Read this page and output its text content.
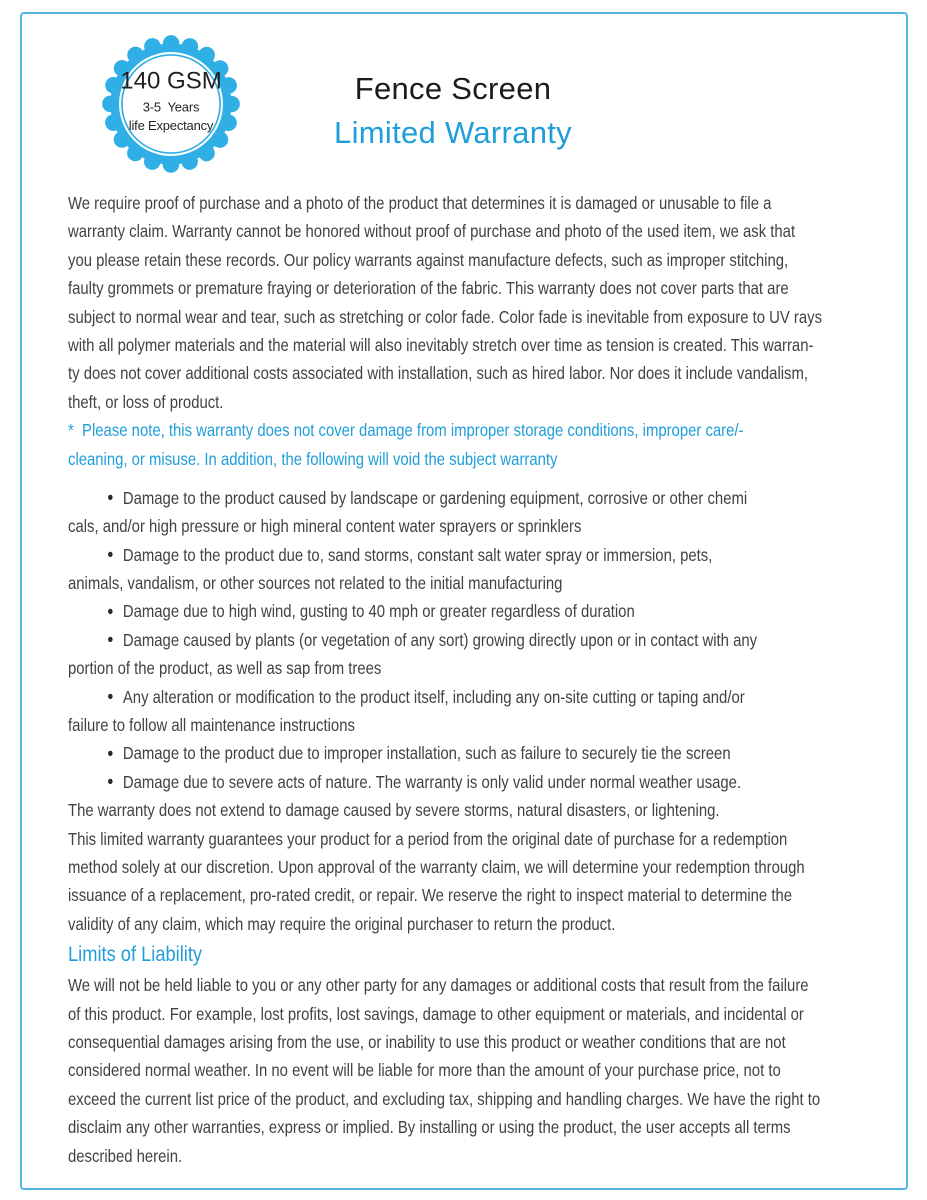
140 GSM
3-5  Years
life Expectancy
Fence Screen
Limited Warranty
We require proof of purchase and a photo of the product that determines it is damaged or unusable to file a
warranty claim. Warranty cannot be honored without proof of purchase and photo of the used item, we ask that
you please retain these records. Our policy warrants against manufacture defects, such as improper stitching,
faulty grommets or premature fraying or deterioration of the fabric. This warranty does not cover parts that are
subject to normal wear and tear, such as stretching or color fade. Color fade is inevitable from exposure to UV rays
with all polymer materials and the material will also inevitably stretch over time as tension is created. This warran-
ty does not cover additional costs associated with installation, such as hired labor. Nor does it include vandalism,
theft, or loss of product.
*  Please note, this warranty does not cover damage from improper storage conditions, improper care/-
cleaning, or misuse. In addition, the following will void the subject warranty
● Damage to the product caused by landscape or gardening equipment, corrosive or other chemi
cals, and/or high pressure or high mineral content water sprayers or sprinklers
● Damage to the product due to, sand storms, constant salt water spray or immersion, pets,
animals, vandalism, or other sources not related to the initial manufacturing
● Damage due to high wind, gusting to 40 mph or greater regardless of duration
● Damage caused by plants (or vegetation of any sort) growing directly upon or in contact with any
portion of the product, as well as sap from trees
● Any alteration or modification to the product itself, including any on-site cutting or taping and/or
failure to follow all maintenance instructions
● Damage to the product due to improper installation, such as failure to securely tie the screen
● Damage due to severe acts of nature. The warranty is only valid under normal weather usage.
The warranty does not extend to damage caused by severe storms, natural disasters, or lightening.
This limited warranty guarantees your product for a period from the original date of purchase for a redemption
method solely at our discretion. Upon approval of the warranty claim, we will determine your redemption through
issuance of a replacement, pro-rated credit, or repair. We reserve the right to inspect material to determine the
validity of any claim, which may require the original purchaser to return the product.
Limits of Liability
We will not be held liable to you or any other party for any damages or additional costs that result from the failure
of this product. For example, lost profits, lost savings, damage to other equipment or materials, and incidental or
consequential damages arising from the use, or inability to use this product or weather conditions that are not
considered normal weather. In no event will be liable for more than the amount of your purchase price, not to
exceed the current list price of the product, and excluding tax, shipping and handling charges. We have the right to
disclaim any other warranties, express or implied. By installing or using the product, the user accepts all terms
described herein.
